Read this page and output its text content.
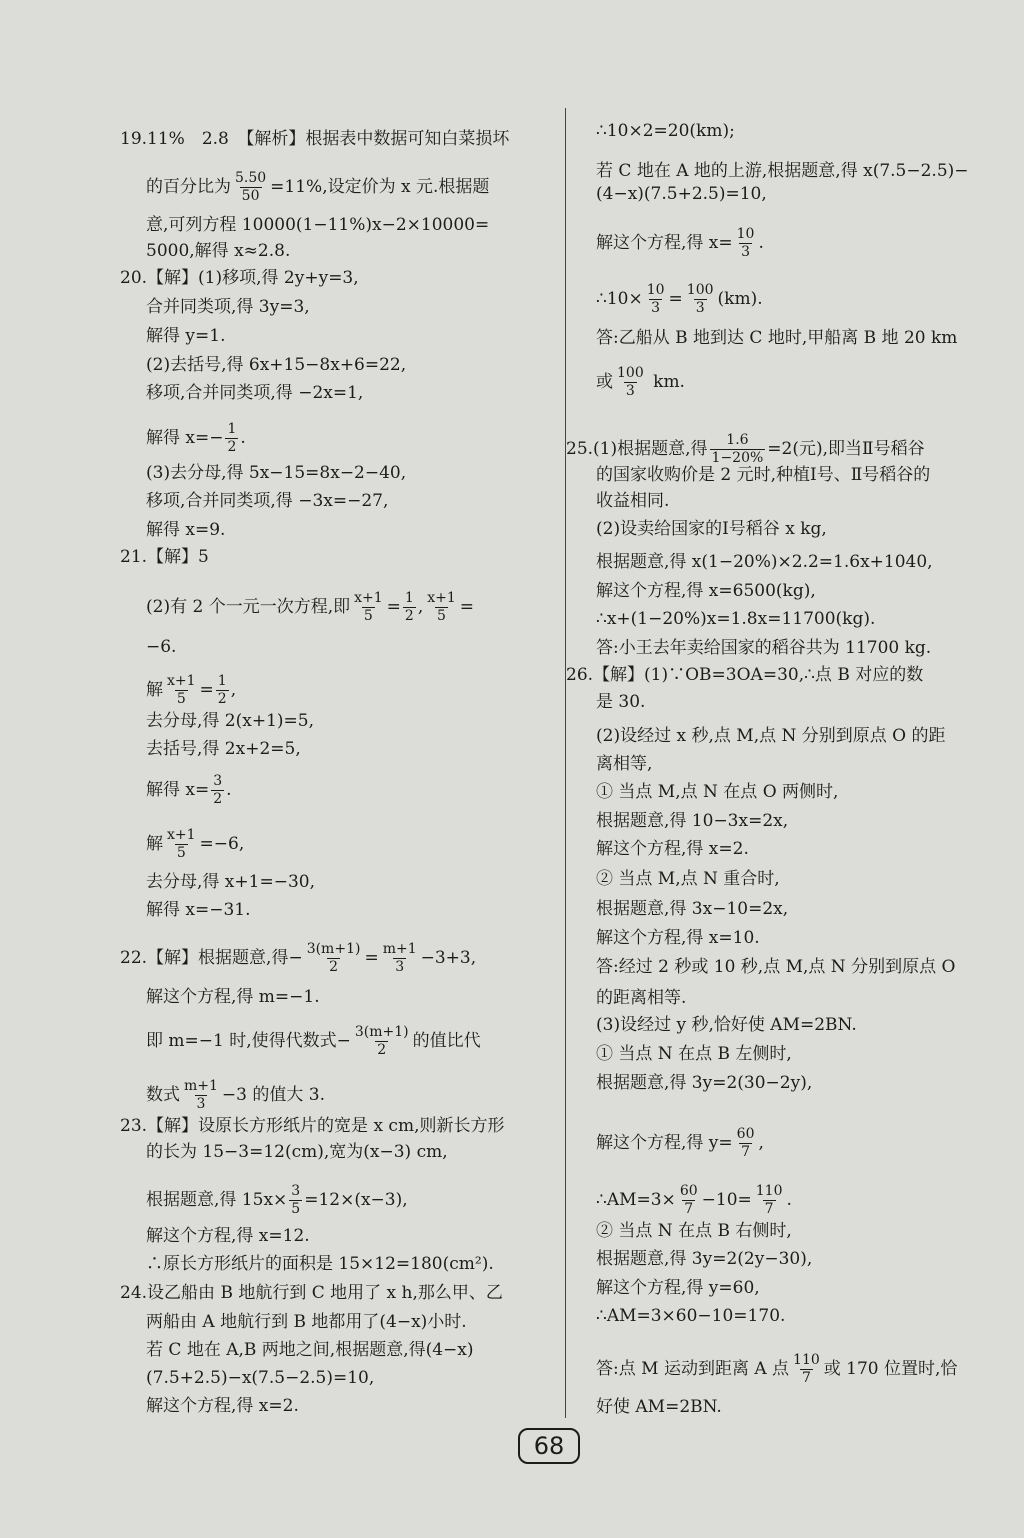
19.11%　2.8　【解析】根据表中数据可知白菜损坏
的百分比为 $\frac{5.50}{50} =11\%$,设定价为 x 元.根据题
意,可列方程 10000(1−11%)x−2×10000=
5000,解得 x≈2.8.
20.【解】(1)移项,得 2y+y=3,
合并同类项,得 3y=3,
解得 y=1.
(2)去括号,得 6x+15−8x+6=22,
移项,合并同类项,得 −2x=1,
解得 $x=- \frac{1}{2}$ .
(3)去分母,得 5x−15=8x−2−40,
移项,合并同类项,得 −3x=−27,
解得 x=9.
21.【解】5
(2)有 2 个一元一次方程,即 $\frac{x+1}{5} = \frac{1}{2}$ , $\frac{x+1}{5}$ =
−6.
解 $\frac{x+1}{5} = \frac{1}{2}$ ,
去分母,得 2(x+1)=5,
去括号,得 2x+2=5,
解得 $x= \frac{3}{2}$ .
解 $\frac{x+1}{5} =-6$,
去分母,得 x+1=−30,
解得 x=−31.
22.【解】根据题意,得− $\frac{3(m+1)}{2} = \frac{m+1}{3} -3+3$,
解这个方程,得 m=−1.
即 m=−1 时,使得代数式− $\frac{3(m+1)}{2}$ 的值比代
数式 $\frac{m+1}{3} -3$ 的值大 3.
23.【解】设原长方形纸片的宽是 x cm,则新长方形
的长为 15−3=12(cm),宽为(x−3) cm,
根据题意,得 $15x\times \frac{3}{5} =12\times(x-3)$,
解这个方程,得 x=12.
∴原长方形纸片的面积是 15×12=180(cm²).
24.设乙船由 B 地航行到 C 地用了 x h,那么甲、乙
两船由 A 地航行到 B 地都用了(4−x)小时.
若 C 地在 A,B 两地之间,根据题意,得(4−x)
(7.5+2.5)−x(7.5−2.5)=10,
解这个方程,得 x=2.
∴10×2=20(km);
若 C 地在 A 地的上游,根据题意,得 x(7.5−2.5)−
(4−x)(7.5+2.5)=10,
解这个方程,得 $x= \frac{10}{3}$ .
∴10× $\frac{10}{3} = \frac{100}{3} (km)$.
答:乙船从 B 地到达 C 地时,甲船离 B 地 20 km
或 $\frac{100}{3}$ km.
25.(1)根据题意,得 $\frac{1.6}{1-20\%} =2$(元),即当Ⅱ号稻谷
的国家收购价是 2 元时,种植Ⅰ号、Ⅱ号稻谷的
收益相同.
(2)设卖给国家的Ⅰ号稻谷 x kg,
根据题意,得 x(1−20%)×2.2=1.6x+1040,
解这个方程,得 x=6500(kg),
∴x+(1−20%)x=1.8x=11700(kg).
答:小王去年卖给国家的稻谷共为 11700 kg.
26.【解】(1)∵OB=3OA=30,∴点 B 对应的数
是 30.
(2)设经过 x 秒,点 M,点 N 分别到原点 O 的距
离相等,
① 当点 M,点 N 在点 O 两侧时,
根据题意,得 10−3x=2x,
解这个方程,得 x=2.
② 当点 M,点 N 重合时,
根据题意,得 3x−10=2x,
解这个方程,得 x=10.
答:经过 2 秒或 10 秒,点 M,点 N 分别到原点 O
的距离相等.
(3)设经过 y 秒,恰好使 AM=2BN.
① 当点 N 在点 B 左侧时,
根据题意,得 3y=2(30−2y),
解这个方程,得 $y= \frac{60}{7}$ ,
∴AM=3× $\frac{60}{7} -10= \frac{110}{7}$ .
② 当点 N 在点 B 右侧时,
根据题意,得 3y=2(2y−30),
解这个方程,得 y=60,
∴AM=3×60−10=170.
答:点 M 运动到距离 A 点 $\frac{110}{7}$ 或 170 位置时,恰
好使 AM=2BN.
68
